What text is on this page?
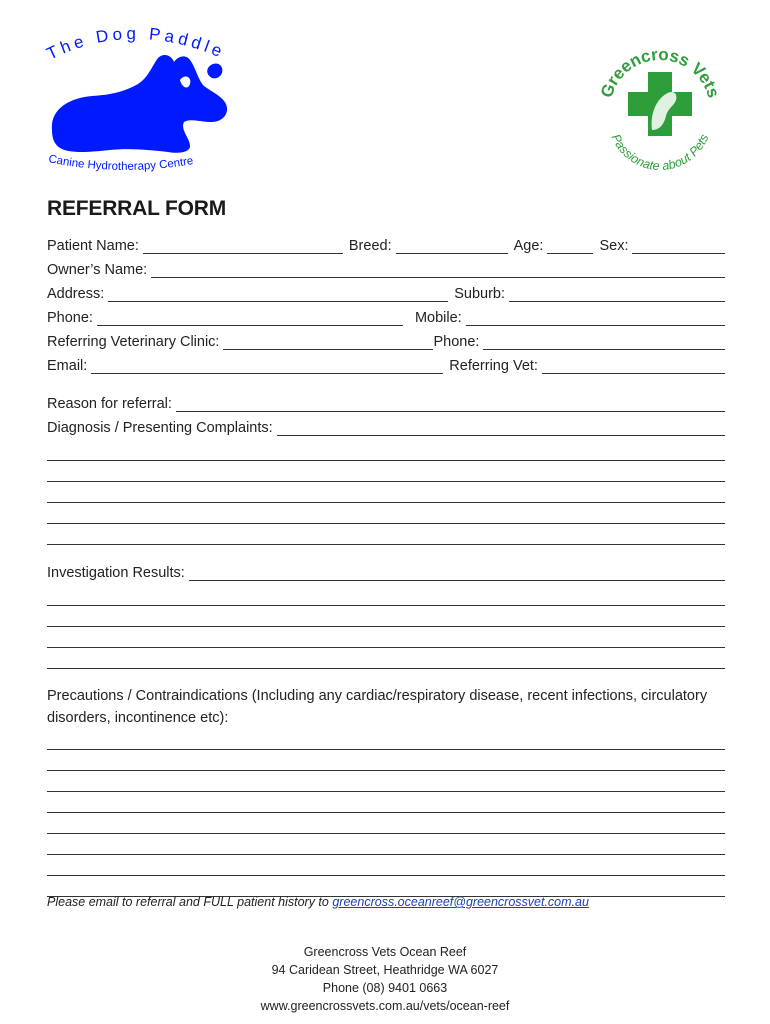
The Dog Paddle
Canine Hydrotherapy Centre
Greencross Vets
Passionate about Pets
REFERRAL FORM
Patient Name:	Breed:	Age:	Sex:
Owner’s Name:
Address:	Suburb:
Phone:	Mobile:
Referring Veterinary Clinic:	Phone:
Email:	Referring Vet:
Reason for referral:
Diagnosis / Presenting Complaints:
Investigation Results:
Precautions / Contraindications (Including any cardiac/respiratory disease, recent infections, circulatory disorders, incontinence etc):
Please email to referral and FULL patient history to greencross.oceanreef@greencrossvet.com.au
Greencross Vets Ocean Reef
94 Caridean Street, Heathridge WA 6027
Phone (08) 9401 0663
www.greencrossvets.com.au/vets/ocean-reef
